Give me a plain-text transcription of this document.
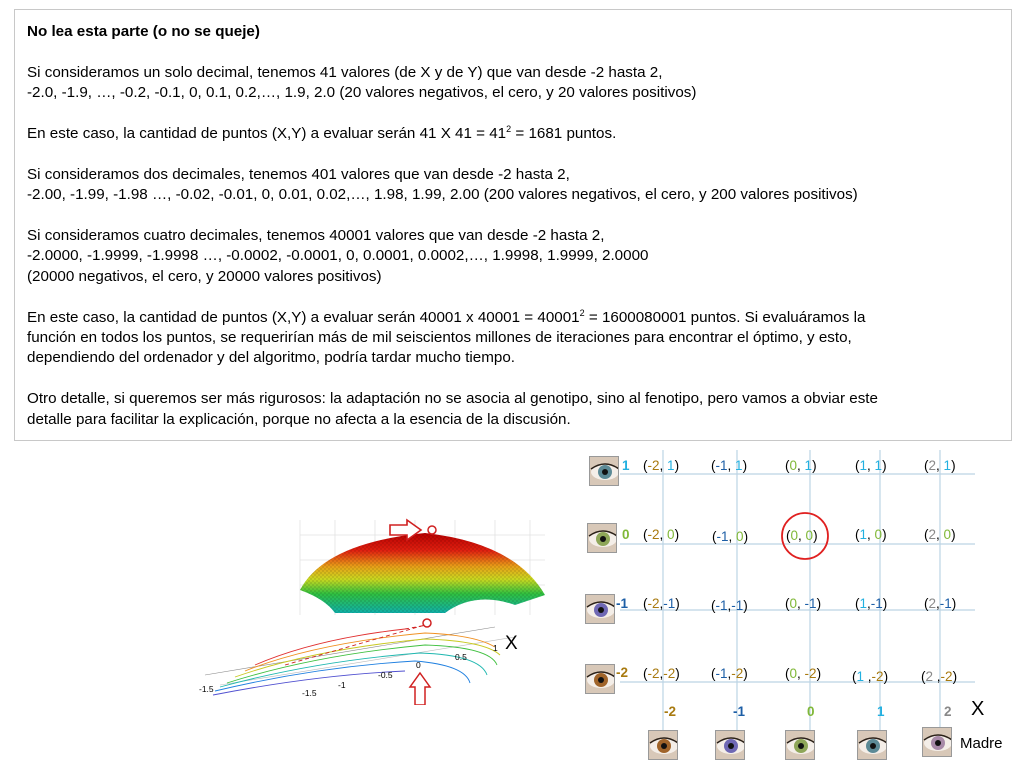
No lea esta parte (o no se queje)
Si consideramos un solo decimal, tenemos 41 valores (de X y de Y) que van desde -2 hasta 2,
-2.0, -1.9, …, -0.2, -0.1, 0, 0.1, 0.2,…, 1.9, 2.0 (20 valores negativos, el cero, y 20 valores positivos)
En este caso, la cantidad de puntos (X,Y) a evaluar serán 41 X $41 = 41^2 = 1681$ puntos.
Si consideramos dos decimales, tenemos 401 valores que van desde -2 hasta 2,
-2.00, -1.99, -1.98 …, -0.02, -0.01, 0, 0.01, 0.02,…, 1.98, 1.99, 2.00 (200 valores negativos, el cero, y 200 valores positivos)
Si consideramos cuatro decimales, tenemos 40001 valores que van desde -2 hasta 2,
-2.0000, -1.9999, -1.9998 …, -0.0002, -0.0001, 0, 0.0001, 0.0002,…, 1.9998, 1.9999, 2.0000
(20000 negativos, el cero, y 20000 valores positivos)
En este caso, la cantidad de puntos (X,Y) a evaluar serán 40001 x $40001 = 40001^2 = 1600080001$ puntos. Si evaluáramos la
función en todos los puntos, se requerirían más de mil seiscientos millones de iteraciones para encontrar el óptimo, y esto,
dependiendo del ordenador y del algoritmo, podría tardar mucho tiempo.
Otro detalle, si queremos ser más rigurosos: la adaptación no se asocia al genotipo, sino al fenotipo, pero vamos a obviar este
detalle para facilitar la explicación, porque no afecta a la esencia de la discusión.
-1.5	-1
-0.5
0
0.5
1
-1.5
X
1
0
-1
-2
(-2, 1) (-1, 1)	(0, 1)	(1, 1)	(2, 1)
(-2, 0) (-1, 0)	(0, 0)	(1, 0)	(2, 0)
(-2,-1) (-1,-1)	(0, -1)	(1,-1)	(2,-1)
(-2,-2) (-1,-2)	(0, -2) (1 ,-2) (2 ,-2)
-2	-1	0	1	2 X
Madre
